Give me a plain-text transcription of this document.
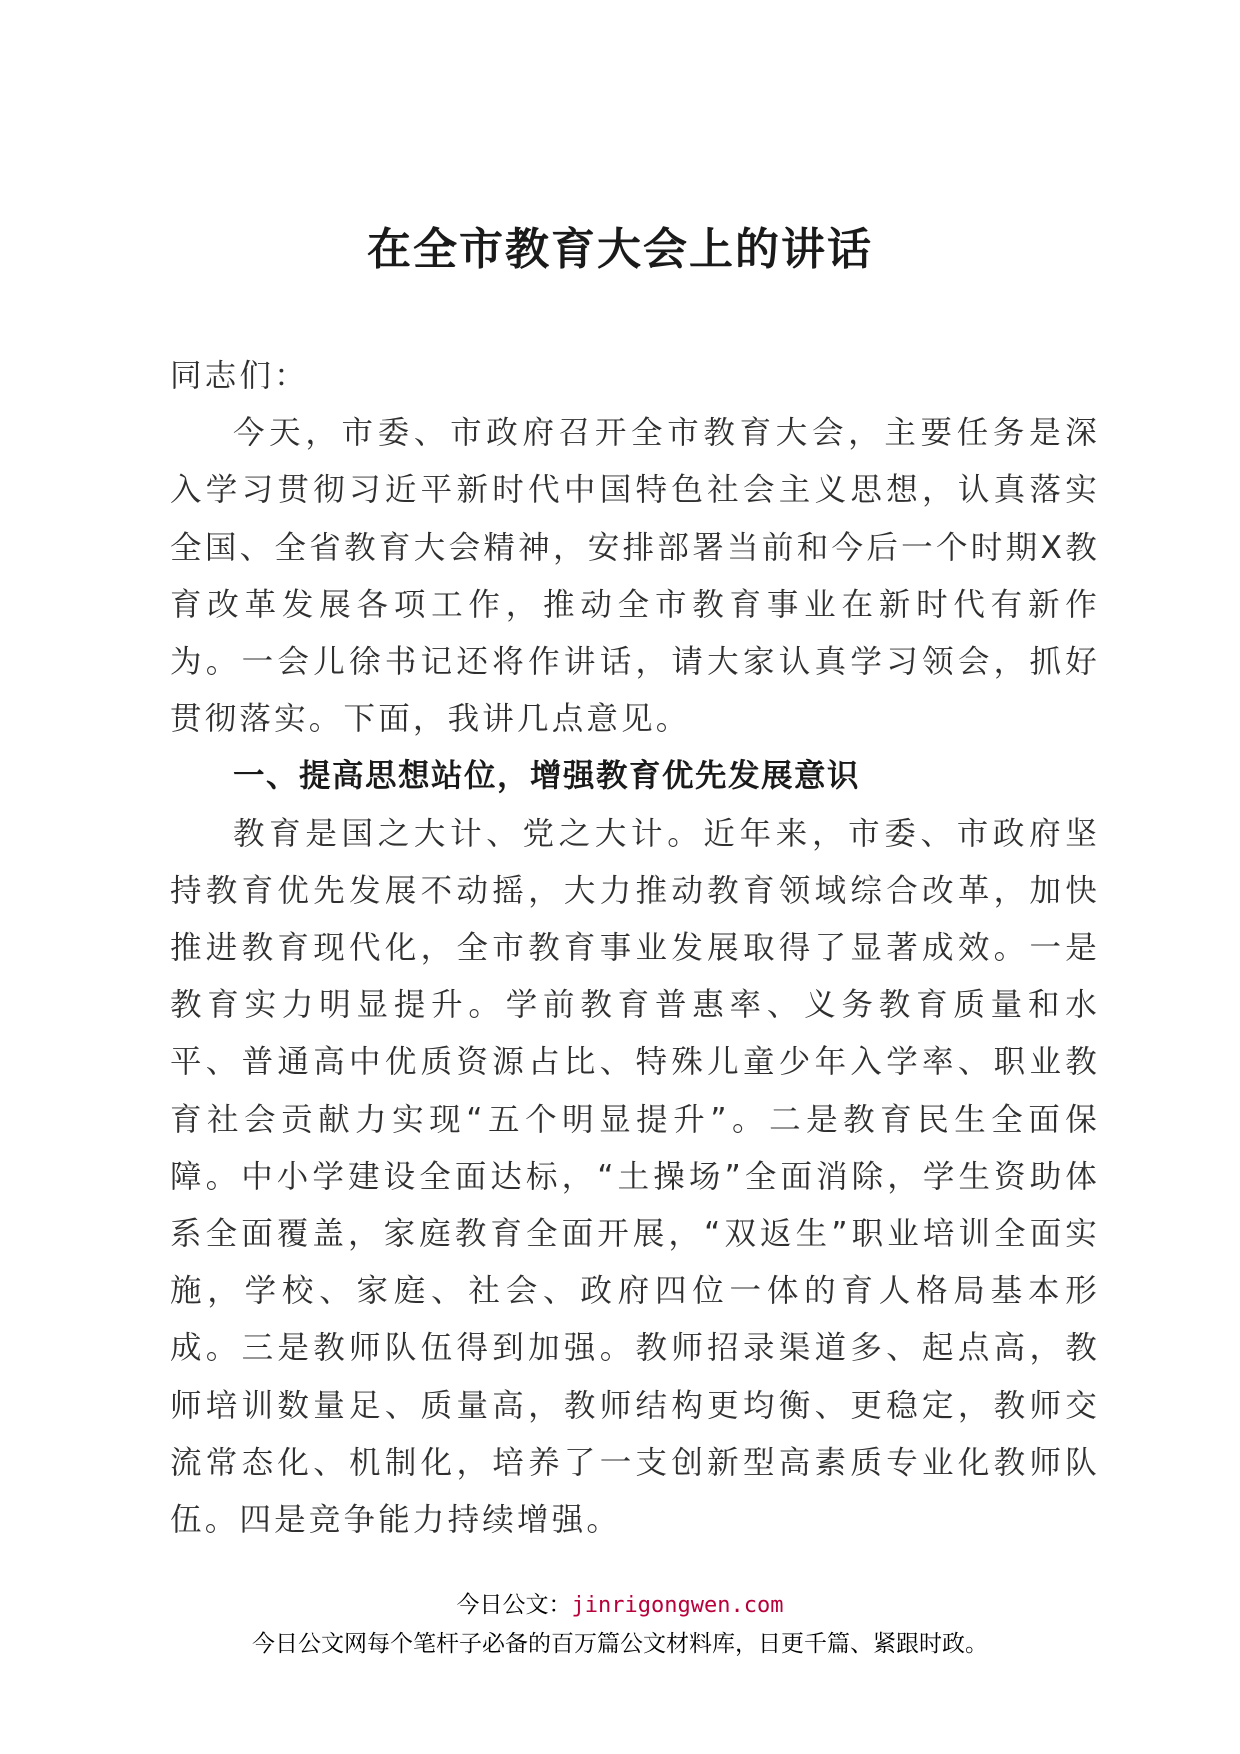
在全市教育大会上的讲话

同志们：

今天，市委、市政府召开全市教育大会，主要任务是深入学习贯彻习近平新时代中国特色社会主义思想，认真落实全国、全省教育大会精神，安排部署当前和今后一个时期X教育改革发展各项工作，推动全市教育事业在新时代有新作为。一会儿徐书记还将作讲话，请大家认真学习领会，抓好贯彻落实。下面，我讲几点意见。

一、提高思想站位，增强教育优先发展意识

教育是国之大计、党之大计。近年来，市委、市政府坚持教育优先发展不动摇，大力推动教育领域综合改革，加快推进教育现代化，全市教育事业发展取得了显著成效。一是教育实力明显提升。学前教育普惠率、义务教育质量和水平、普通高中优质资源占比、特殊儿童少年入学率、职业教育社会贡献力实现“五个明显提升”。二是教育民生全面保障。中小学建设全面达标，“土操场”全面消除，学生资助体系全面覆盖，家庭教育全面开展，“双返生”职业培训全面实施，学校、家庭、社会、政府四位一体的育人格局基本形成。三是教师队伍得到加强。教师招录渠道多、起点高，教师培训数量足、质量高，教师结构更均衡、更稳定，教师交流常态化、机制化，培养了一支创新型高素质专业化教师队伍。四是竞争能力持续增强。

今日公文：jinrigongwen.com
今日公文网每个笔杆子必备的百万篇公文材料库，日更千篇、紧跟时政。
